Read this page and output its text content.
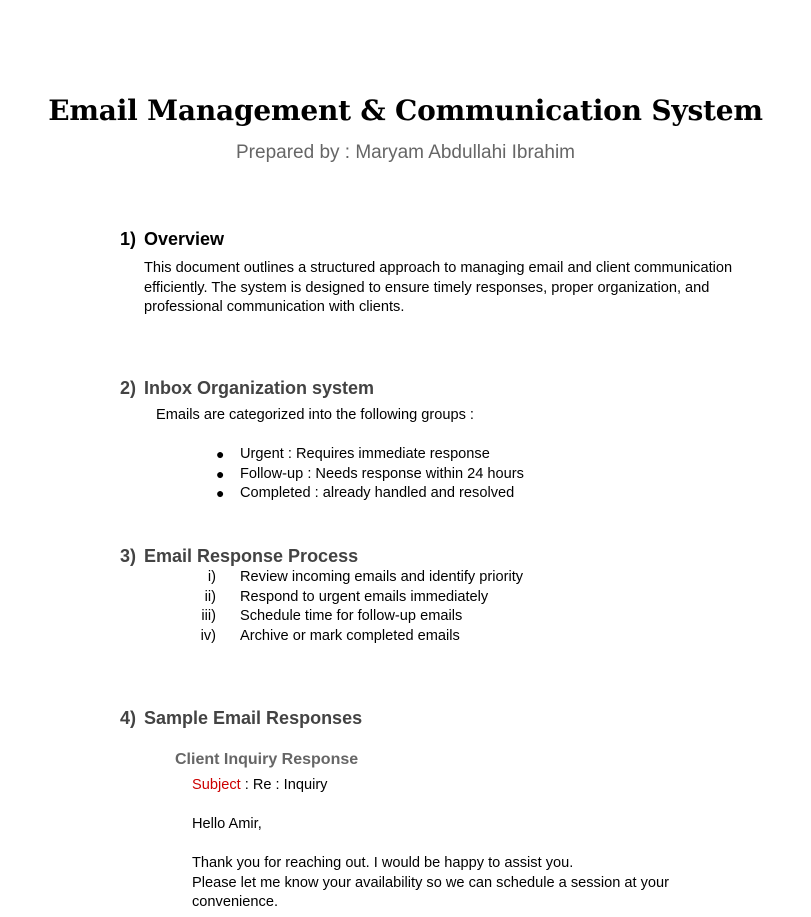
Email Management & Communication System

Prepared by : Maryam Abdullahi Ibrahim

1) Overview

This document outlines a structured approach to managing email and client communication efficiently. The system is designed to ensure timely responses, proper organization, and professional communication with clients.

2) Inbox Organization system

Emails are categorized into the following groups :

● Urgent : Requires immediate response
● Follow-up : Needs response within 24 hours
● Completed : already handled and resolved
3) Email Response Process
i) Review incoming emails and identify priority
ii) Respond to urgent emails immediately
iii) Schedule time for follow-up emails
iv) Archive or mark completed emails
4) Sample Email Responses
Client Inquiry Response

Subject : Re : Inquiry

Hello Amir,

Thank you for reaching out. I would be happy to assist you.

Please let me know your availability so we can schedule a session at your convenience.
